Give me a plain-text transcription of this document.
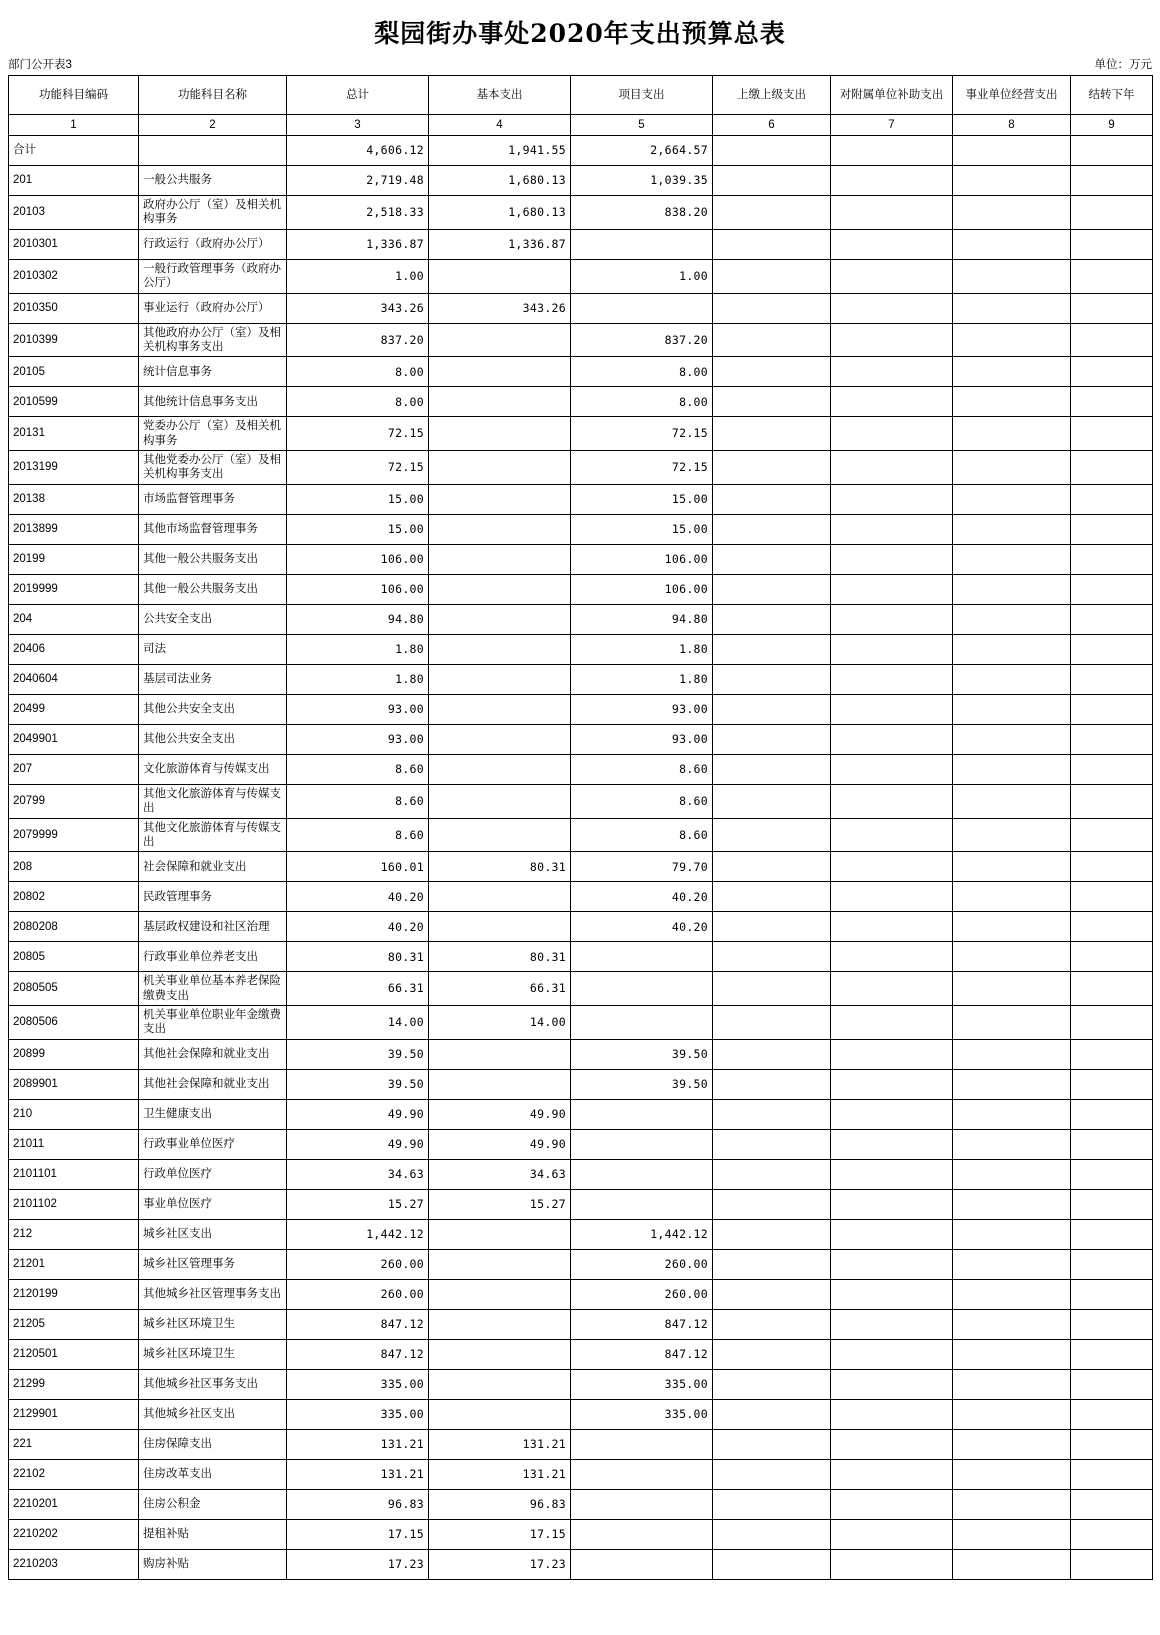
梨园街办事处2020年支出预算总表
部门公开表3	单位：万元
功能科目编码	功能科目名称	总计	基本支出	项目支出	上缴上级支出	对附属单位补助支出	事业单位经营支出	结转下年
1	2	3	4	5	6	7	8	9
合计		4,606.12	1,941.55	2,664.57				
201	一般公共服务	2,719.48	1,680.13	1,039.35				
20103	政府办公厅（室）及相关机构事务	2,518.33	1,680.13	838.20				
2010301	行政运行（政府办公厅）	1,336.87	1,336.87					
2010302	一般行政管理事务（政府办公厅）	1.00		1.00				
2010350	事业运行（政府办公厅）	343.26	343.26					
2010399	其他政府办公厅（室）及相关机构事务支出	837.20		837.20				
20105	统计信息事务	8.00		8.00				
2010599	其他统计信息事务支出	8.00		8.00				
20131	党委办公厅（室）及相关机构事务	72.15		72.15				
2013199	其他党委办公厅（室）及相关机构事务支出	72.15		72.15				
20138	市场监督管理事务	15.00		15.00				
2013899	其他市场监督管理事务	15.00		15.00				
20199	其他一般公共服务支出	106.00		106.00				
2019999	其他一般公共服务支出	106.00		106.00				
204	公共安全支出	94.80		94.80				
20406	司法	1.80		1.80				
2040604	基层司法业务	1.80		1.80				
20499	其他公共安全支出	93.00		93.00				
2049901	其他公共安全支出	93.00		93.00				
207	文化旅游体育与传媒支出	8.60		8.60				
20799	其他文化旅游体育与传媒支出	8.60		8.60				
2079999	其他文化旅游体育与传媒支出	8.60		8.60				
208	社会保障和就业支出	160.01	80.31	79.70				
20802	民政管理事务	40.20		40.20				
2080208	基层政权建设和社区治理	40.20		40.20				
20805	行政事业单位养老支出	80.31	80.31					
2080505	机关事业单位基本养老保险缴费支出	66.31	66.31					
2080506	机关事业单位职业年金缴费支出	14.00	14.00					
20899	其他社会保障和就业支出	39.50		39.50				
2089901	其他社会保障和就业支出	39.50		39.50				
210	卫生健康支出	49.90	49.90					
21011	行政事业单位医疗	49.90	49.90					
2101101	行政单位医疗	34.63	34.63					
2101102	事业单位医疗	15.27	15.27					
212	城乡社区支出	1,442.12		1,442.12				
21201	城乡社区管理事务	260.00		260.00				
2120199	其他城乡社区管理事务支出	260.00		260.00				
21205	城乡社区环境卫生	847.12		847.12				
2120501	城乡社区环境卫生	847.12		847.12				
21299	其他城乡社区事务支出	335.00		335.00				
2129901	其他城乡社区支出	335.00		335.00				
221	住房保障支出	131.21	131.21					
22102	住房改革支出	131.21	131.21					
2210201	住房公积金	96.83	96.83					
2210202	提租补贴	17.15	17.15					
2210203	购房补贴	17.23	17.23					
